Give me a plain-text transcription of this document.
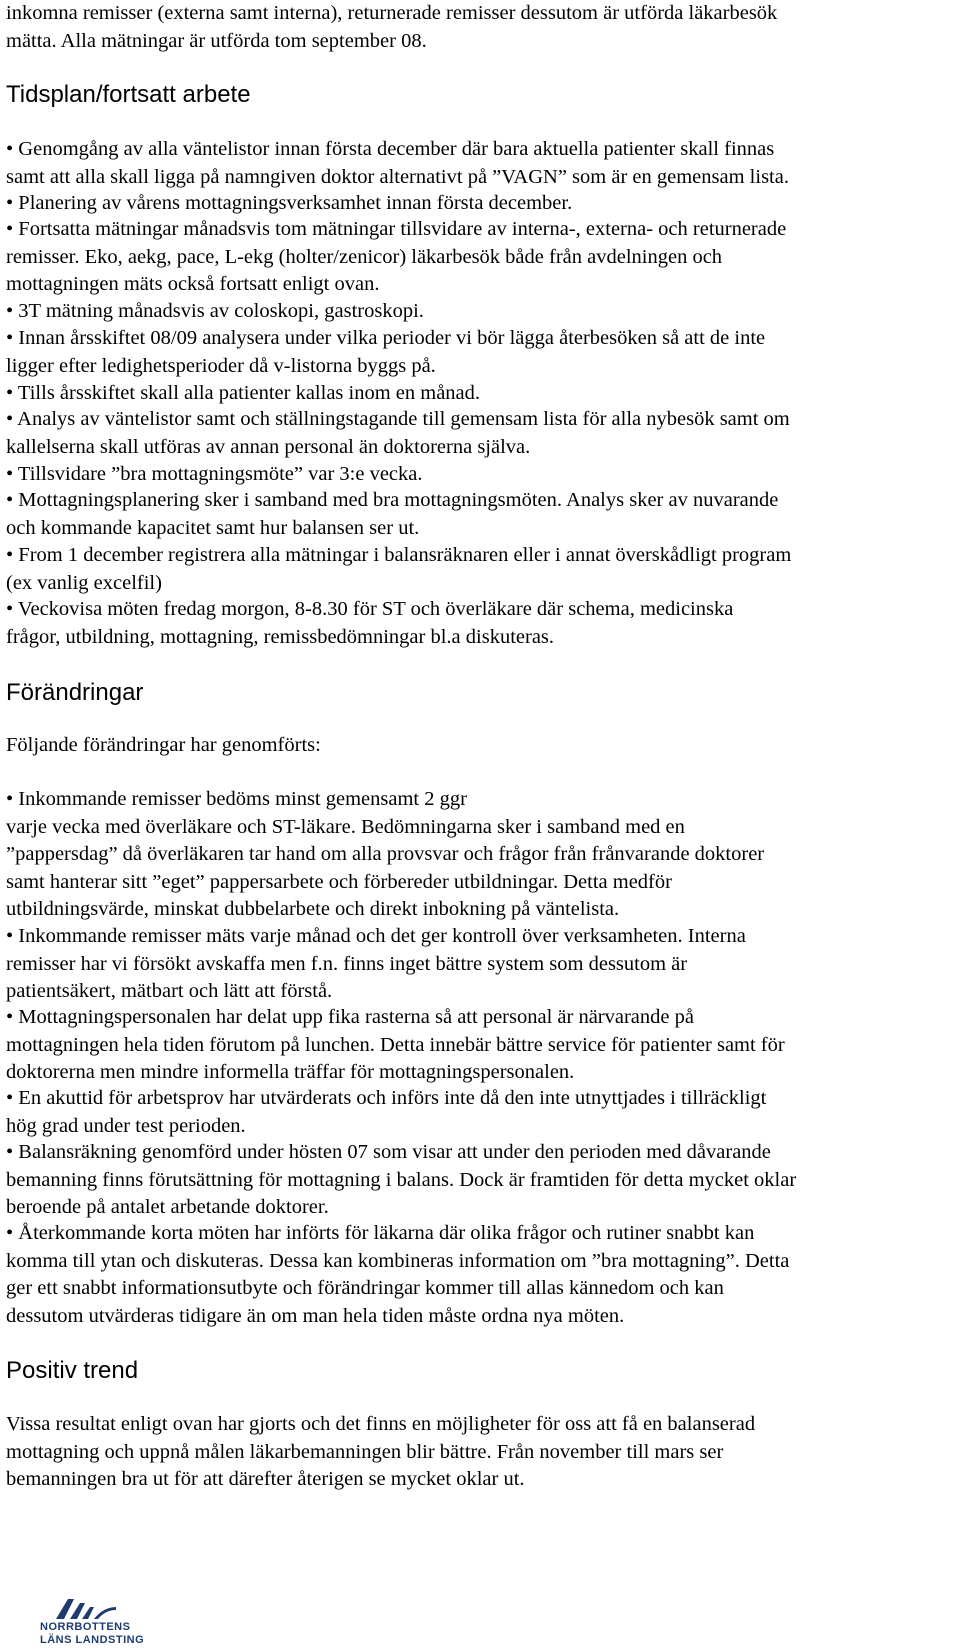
inkomna remisser (externa samt interna), returnerade remisser dessutom är utförda läkarbesök
mätta. Alla mätningar är utförda tom september 08.

Tidsplan/fortsatt arbete

• Genomgång av alla väntelistor innan första december där bara aktuella patienter skall finnas
samt att alla skall ligga på namngiven doktor alternativt på ”VAGN” som är en gemensam lista.

• Planering av vårens mottagningsverksamhet innan första december.

• Fortsatta mätningar månadsvis tom mätningar tillsvidare av interna-, externa- och returnerade
remisser. Eko, aekg, pace, L-ekg (holter/zenicor) läkarbesök både från avdelningen och
mottagningen mäts också fortsatt enligt ovan.

• 3T mätning månadsvis av coloskopi, gastroskopi.

• Innan årsskiftet 08/09 analysera under vilka perioder vi bör lägga återbesöken så att de inte
ligger efter ledighetsperioder då v-listorna byggs på.

• Tills årsskiftet skall alla patienter kallas inom en månad.

• Analys av väntelistor samt och ställningstagande till gemensam lista för alla nybesök samt om
kallelserna skall utföras av annan personal än doktorerna själva.

• Tillsvidare ”bra mottagningsmöte” var 3:e vecka.

• Mottagningsplanering sker i samband med bra mottagningsmöten. Analys sker av nuvarande
och kommande kapacitet samt hur balansen ser ut.

• From 1 december registrera alla mätningar i balansräknaren eller i annat överskådligt program
(ex vanlig excelfil)

• Veckovisa möten fredag morgon, 8-8.30 för ST och överläkare där schema, medicinska
frågor, utbildning, mottagning, remissbedömningar bl.a diskuteras.

Förändringar

Följande förändringar har genomförts:

• Inkommande remisser bedöms minst gemensamt 2 ggr
varje vecka med överläkare och ST-läkare. Bedömningarna sker i samband med en
”pappersdag” då överläkaren tar hand om alla provsvar och frågor från frånvarande doktorer
samt hanterar sitt ”eget” pappersarbete och förbereder utbildningar. Detta medför
utbildningsvärde, minskat dubbelarbete och direkt inbokning på väntelista.

• Inkommande remisser mäts varje månad och det ger kontroll över verksamheten. Interna
remisser har vi försökt avskaffa men f.n. finns inget bättre system som dessutom är
patientsäkert, mätbart och lätt att förstå.

• Mottagningspersonalen har delat upp fika rasterna så att personal är närvarande på
mottagningen hela tiden förutom på lunchen. Detta innebär bättre service för patienter samt för
doktorerna men mindre informella träffar för mottagningspersonalen.

• En akuttid för arbetsprov har utvärderats och införs inte då den inte utnyttjades i tillräckligt
hög grad under test perioden.

• Balansräkning genomförd under hösten 07 som visar att under den perioden med dåvarande
bemanning finns förutsättning för mottagning i balans. Dock är framtiden för detta mycket oklar
beroende på antalet arbetande doktorer.

• Återkommande korta möten har införts för läkarna där olika frågor och rutiner snabbt kan
komma till ytan och diskuteras. Dessa kan kombineras information om ”bra mottagning”. Detta
ger ett snabbt informationsutbyte och förändringar kommer till allas kännedom och kan
dessutom utvärderas tidigare än om man hela tiden måste ordna nya möten.

Positiv trend

Vissa resultat enligt ovan har gjorts och det finns en möjligheter för oss att få en balanserad
mottagning och uppnå målen läkarbemanningen blir bättre. Från november till mars ser
bemanningen bra ut för att därefter återigen se mycket oklar ut.

NORRBOTTENS
LÄNS LANDSTING
